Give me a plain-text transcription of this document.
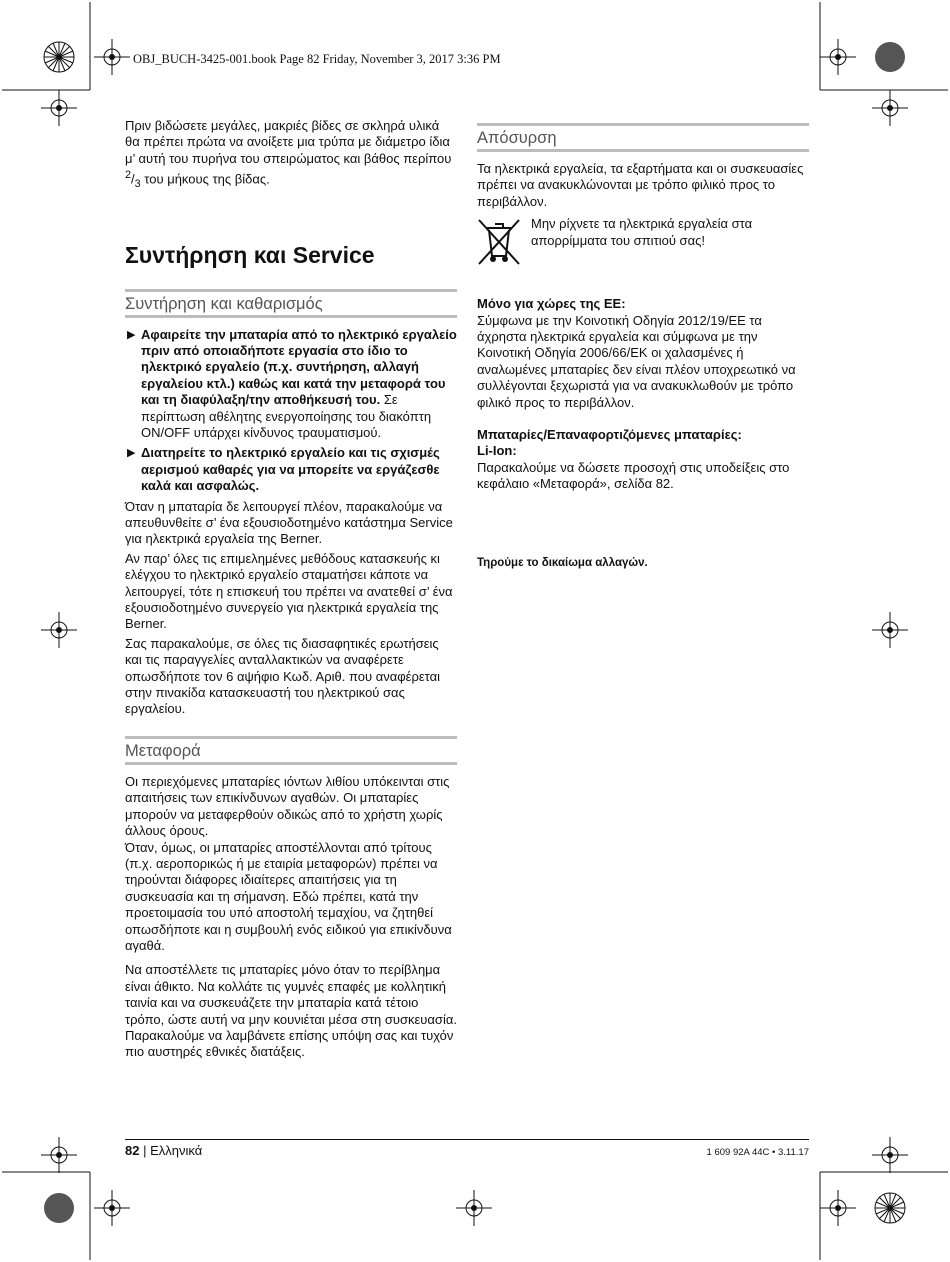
OBJ_BUCH-3425-001.book Page 82 Friday, November 3, 2017 3:36 PM

Πριν βιδώσετε μεγάλες, μακριές βίδες σε σκληρά υλικά θα πρέπει πρώτα να ανοίξετε μια τρύπα με διάμετρο ίδια μ’ αυτή του πυρήνα του σπειρώματος και βάθος περίπου $^2/_3$ του μήκους της βίδας.

Συντήρηση και Service
Συντήρηση και καθαρισμός
▶ Αφαιρείτε την μπαταρία από το ηλεκτρικό εργαλείο πριν από οποιαδήποτε εργασία στο ίδιο το ηλεκτρικό εργαλείο (π.χ. συντήρηση, αλλαγή εργαλείου κτλ.) καθώς και κατά την μεταφορά του και τη διαφύλαξη/την αποθήκευσή του. Σε περίπτωση αθέλητης ενεργοποίησης του διακόπτη ON/OFF υπάρχει κίνδυνος τραυματισμού.
▶ Διατηρείτε το ηλεκτρικό εργαλείο και τις σχισμές αερισμού καθαρές για να μπορείτε να εργάζεσθε καλά και ασφαλώς.

Όταν η μπαταρία δε λειτουργεί πλέον, παρακαλούμε να απευθυνθείτε σ’ ένα εξουσιοδοτημένο κατάστημα Service για ηλεκτρικά εργαλεία της Berner.

Αν παρ’ όλες τις επιμελημένες μεθόδους κατασκευής κι ελέγχου το ηλεκτρικό εργαλείο σταματήσει κάποτε να λειτουργεί, τότε η επισκευή του πρέπει να ανατεθεί σ’ ένα εξουσιοδοτημένο συνεργείο για ηλεκτρικά εργαλεία της Berner.

Σας παρακαλούμε, σε όλες τις διασαφητικές ερωτήσεις και τις παραγγελίες ανταλλακτικών να αναφέρετε οπωσδήποτε τον 6 αψήφιο Κωδ. Αριθ. που αναφέρεται στην πινακίδα κατασκευαστή του ηλεκτρικού σας εργαλείου.

Μεταφορά

Οι περιεχόμενες μπαταρίες ιόντων λιθίου υπόκεινται στις απαιτήσεις των επικίνδυνων αγαθών. Οι μπαταρίες μπορούν να μεταφερθούν οδικώς από το χρήστη χωρίς άλλους όρους.

Όταν, όμως, οι μπαταρίες αποστέλλονται από τρίτους (π.χ. αεροπορικώς ή με εταιρία μεταφορών) πρέπει να τηρούνται διάφορες ιδιαίτερες απαιτήσεις για τη συσκευασία και τη σήμανση. Εδώ πρέπει, κατά την προετοιμασία του υπό αποστολή τεμαχίου, να ζητηθεί οπωσδήποτε και η συμβουλή ενός ειδικού για επικίνδυνα αγαθά.

Να αποστέλλετε τις μπαταρίες μόνο όταν το περίβλημα είναι άθικτο. Να κολλάτε τις γυμνές επαφές με κολλητική ταινία και να συσκευάζετε την μπαταρία κατά τέτοιο τρόπο, ώστε αυτή να μην κουνιέται μέσα στη συσκευασία.

Παρακαλούμε να λαμβάνετε επίσης υπόψη σας και τυχόν πιο αυστηρές εθνικές διατάξεις.

Απόσυρση

Τα ηλεκτρικά εργαλεία, τα εξαρτήματα και οι συσκευασίες πρέπει να ανακυκλώνονται με τρόπο φιλικό προς το περιβάλλον.

Μην ρίχνετε τα ηλεκτρικά εργαλεία στα απορρίμματα του σπιτιού σας!

Μόνο για χώρες της ΕΕ:

Σύμφωνα με την Κοινοτική Οδηγία 2012/19/ΕΕ τα άχρηστα ηλεκτρικά εργαλεία και σύμφωνα με την Κοινοτική Οδηγία 2006/66/ΕΚ οι χαλασμένες ή αναλωμένες μπαταρίες δεν είναι πλέον υποχρεωτικό να συλλέγονται ξεχωριστά για να ανακυκλωθούν με τρόπο φιλικό προς το περιβάλλον.

Μπαταρίες/Επαναφορτιζόμενες μπαταρίες:

Li-Ion:

Παρακαλούμε να δώσετε προσοχή στις υποδείξεις στο κεφάλαιο «Μεταφορά», σελίδα 82.

Τηρούμε το δικαίωμα αλλαγών.

82 | Ελληνικά	1 609 92A 44C • 3.11.17
